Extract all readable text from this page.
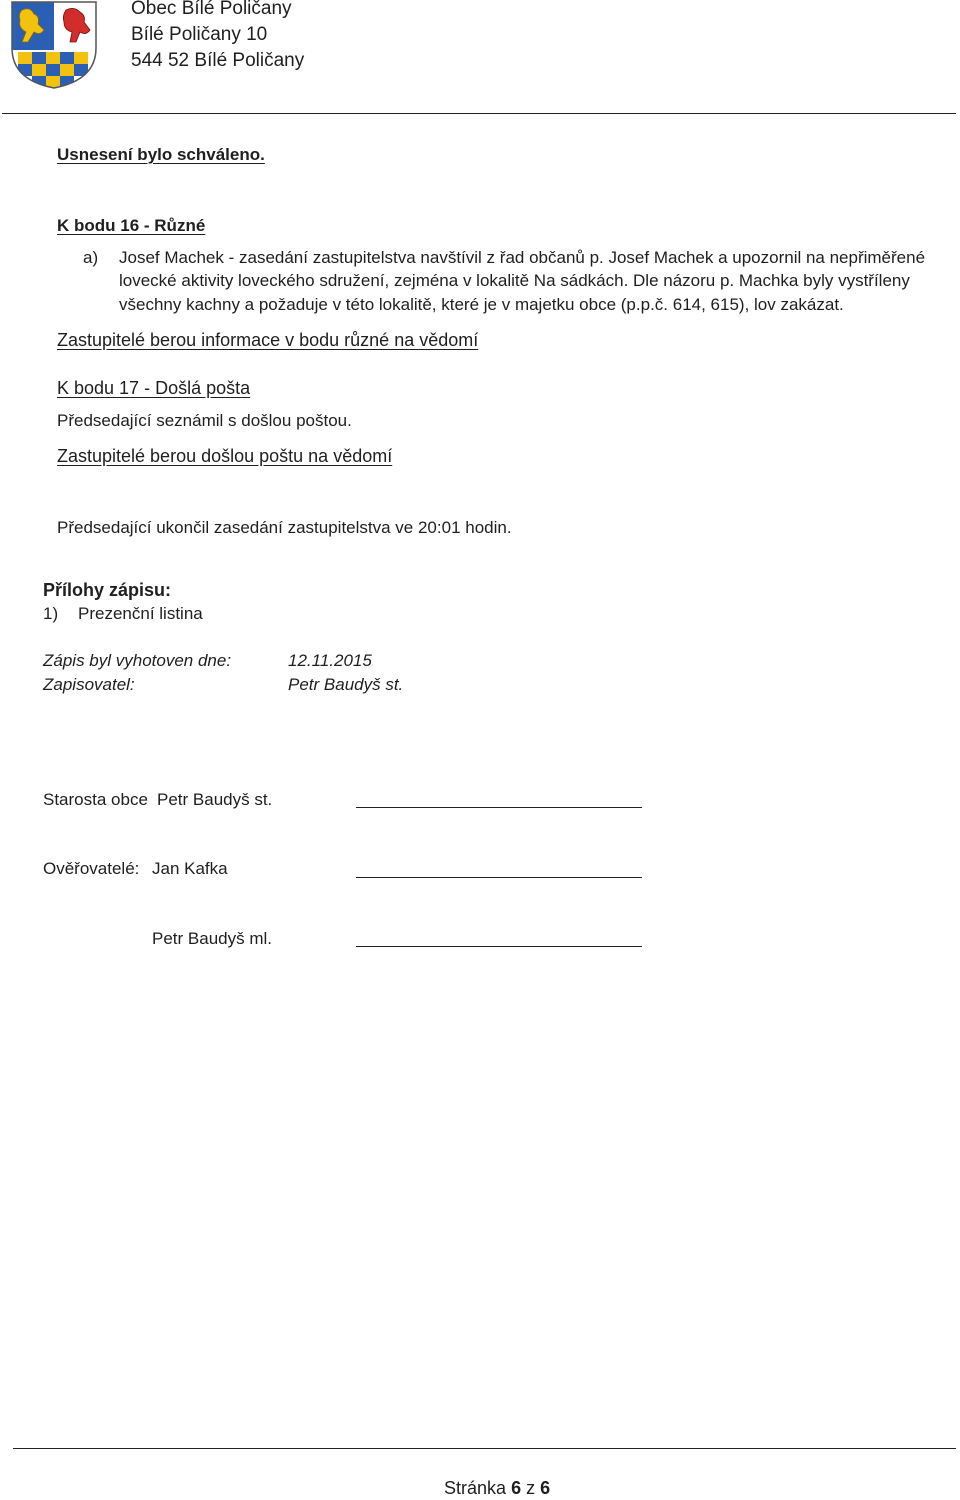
Obec Bílé Poličany
Bílé Poličany 10
544 52 Bílé Poličany
Usnesení bylo schváleno.
K bodu 16 - Různé
a) Josef Machek - zasedání zastupitelstva navštívil z řad občanů p. Josef Machek a upozornil na nepřiměřené
lovecké aktivity loveckého sdružení, zejména v lokalitě Na sádkách. Dle názoru p. Machka byly vystříleny
všechny kachny a požaduje v této lokalitě, které je v majetku obce (p.p.č. 614, 615), lov zakázat.
Zastupitelé berou informace v bodu různé na vědomí
K bodu 17 - Došlá pošta
Předsedající seznámil s došlou poštou.
Zastupitelé berou došlou poštu na vědomí
Předsedající ukončil zasedání zastupitelstva ve 20:01 hodin.
Přílohy zápisu:
1) Prezenční listina
Zápis byl vyhotoven dne:	12.11.2015
Zapisovatel:	Petr Baudyš st.
Starosta obce Petr Baudyš st.
Ověřovatelé: Jan Kafka
Petr Baudyš ml.
Stránka 6 z 6
